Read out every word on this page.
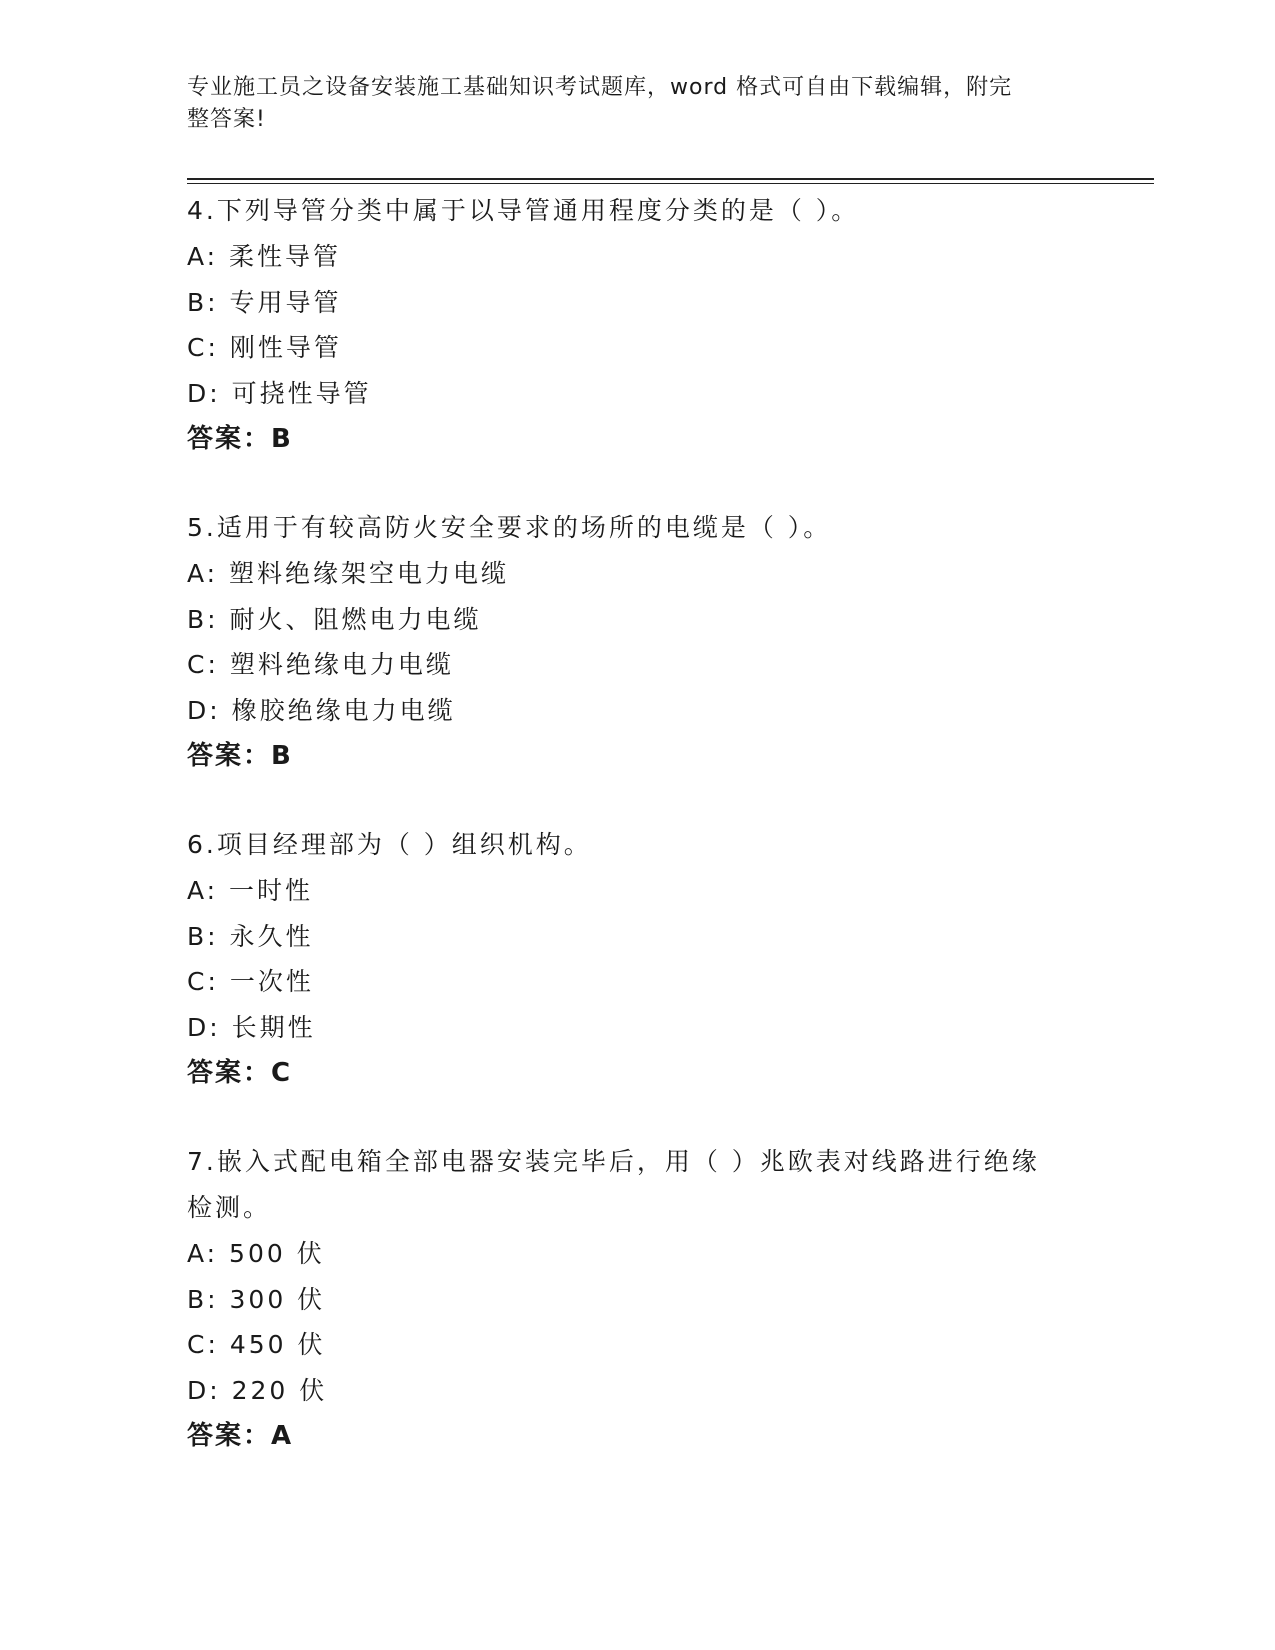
专业施工员之设备安装施工基础知识考试题库，word 格式可自由下载编辑，附完
整答案!

4.下列导管分类中属于以导管通用程度分类的是（ ）。

A: 柔性导管

B: 专用导管

C: 刚性导管

D: 可挠性导管

答案：B

5.适用于有较高防火安全要求的场所的电缆是（ ）。

A: 塑料绝缘架空电力电缆

B: 耐火、阻燃电力电缆

C: 塑料绝缘电力电缆

D: 橡胶绝缘电力电缆

答案：B

6.项目经理部为（ ）组织机构。

A: 一时性

B: 永久性

C: 一次性

D: 长期性

答案：C

7.嵌入式配电箱全部电器安装完毕后，用（ ）兆欧表对线路进行绝缘

检测。

A: 500 伏

B: 300 伏

C: 450 伏

D: 220 伏

答案：A
